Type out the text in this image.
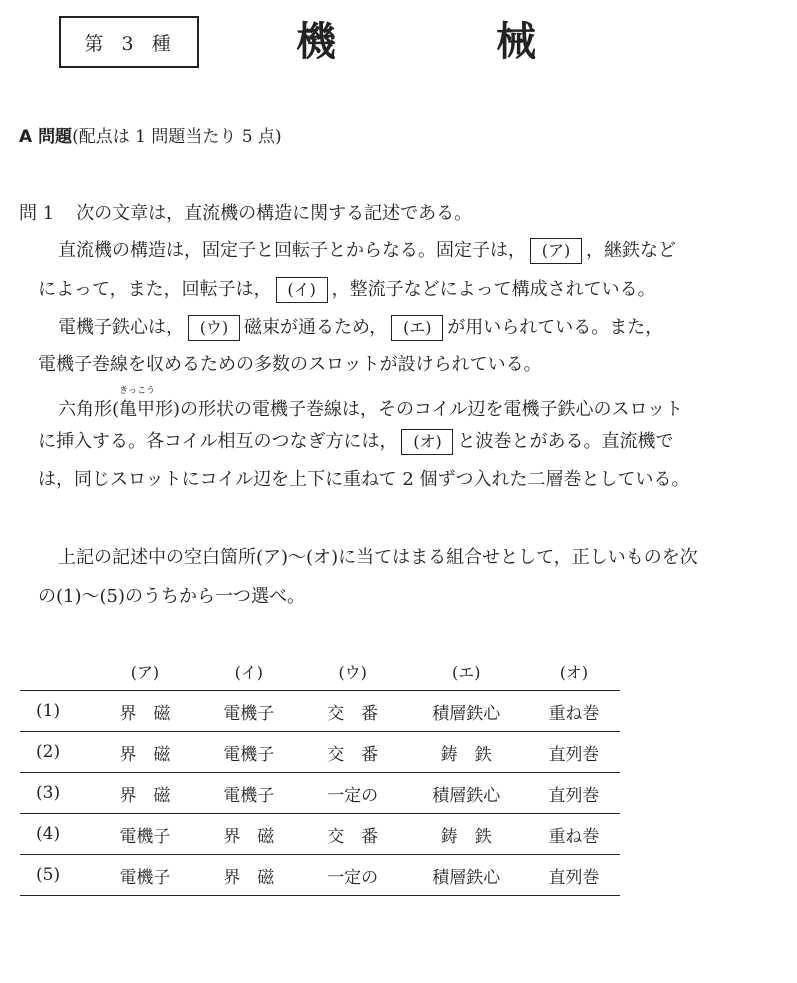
第 3 種	機	械
A 問題(配点は 1 問題当たり 5 点)
問 1 次の文章は，直流機の構造に関する記述である。
直流機の構造は，固定子と回転子とからなる。固定子は， (ア) ，継鉄など
によって，また，回転子は， (イ) ，整流子などによって構成されている。
電機子鉄心は， (ウ) 磁束が通るため， (エ) が用いられている。また，
電機子巻線を収めるための多数のスロットが設けられている。
六角形(
きっこう
亀甲形)の形状の電機子巻線は，そのコイル辺を電機子鉄心のスロット
に挿入する。各コイル相互のつなぎ方には， (オ) と波巻とがある。直流機で
は，同じスロットにコイル辺を上下に重ねて 2 個ずつ入れた二層巻としている。
上記の記述中の空白箇所(ア)～(オ)に当てはまる組合せとして，正しいものを次
の(1)～(5)のうちから一つ選べ。
	(ア)	(イ)	(ウ)	(エ)	(オ)
(1)	界　磁	電機子	交　番	積層鉄心	重ね巻
(2)	界　磁	電機子	交　番	鋳　鉄	直列巻
(3)	界　磁	電機子	一定の	積層鉄心	直列巻
(4)	電機子	界　磁	交　番	鋳　鉄	重ね巻
(5)	電機子	界　磁	一定の	積層鉄心	直列巻
